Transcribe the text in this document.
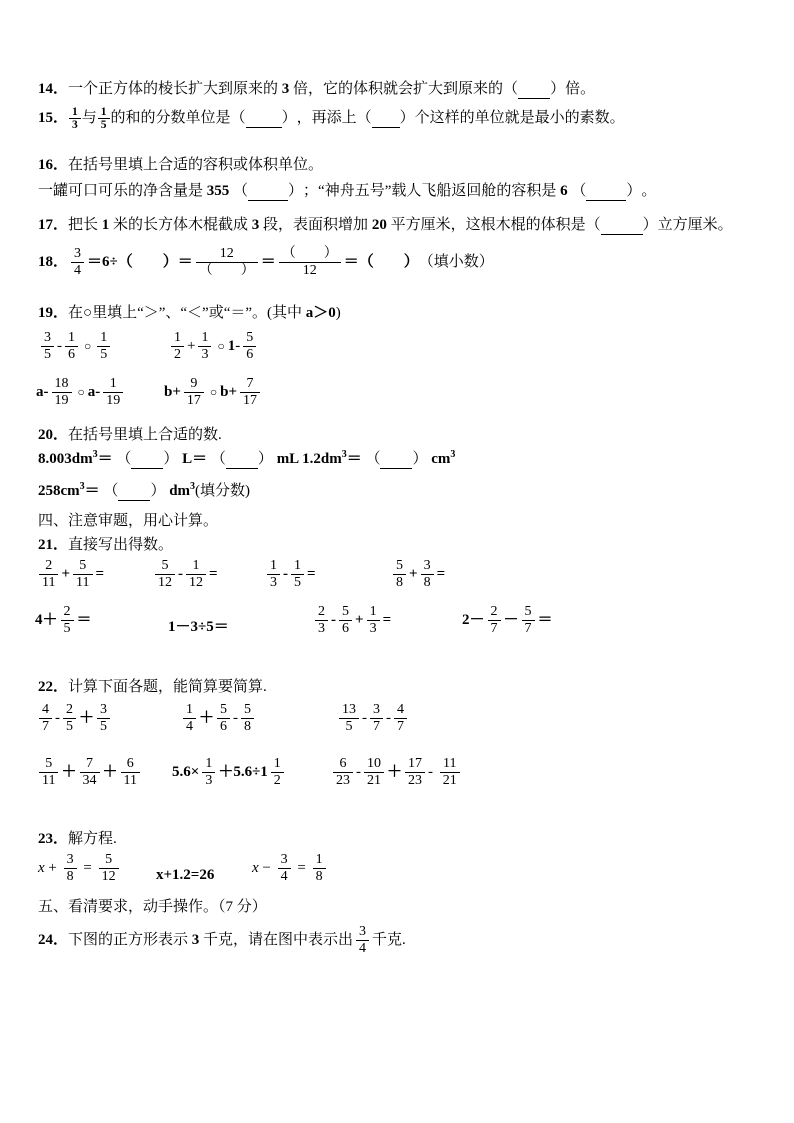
14． 一个正方体的棱长扩大到原来的 3 倍，它的体积就会扩大到原来的 （ ） 倍。
15． 1
3 与 1
5 的和的分数单位是 （ ） ，再添上 （ ） 个这样的单位就是最小的素数。
16． 在括号里填上合适的容积或体积单位。
一罐可口可乐的净含量是 355
（	） ；“神舟五号”载人飞船返回舱的容积是 6
（	） 。
17． 把长 1 米的长方体木棍截成 3 段，表面积增加 20 平方厘米，这根木棍的体积是 （	） 立方厘米。
18．
3
4
＝6÷（　　）＝
12
（　　）
＝
（　　）
12
＝（　　） （填小数）
19． 在○里填上“＞”、“＜”或“＝”。(其中 a＞0 )
3
5
-
1
6
○
1
5
1
2
+
1
3
○ 1 -
5
6
a-
18
19
○ a-
1
19
b+
9
17
○ b+
7
17
20． 在括号里填上合适的数.
8.003dm 3 ＝ （ ） L＝ （ ） mL 1.2dm 3 ＝ （ ） cm 3
258cm 3 ＝ （ ） dm 3 (填分数)
四、注意审题，用心计算。
21． 直接写出得数。
2
11
+
5
11
=
5
12
-
1
12
=
1
3
-
1
5
=
5
8
+
3
8
=
4＋
2
5
＝	1－3÷5＝
2
3
-
5
6
+
1
3
=	2－
2
7
－
5
7
＝
22． 计算下面各题，能简算要简算.
4
7
-
2
5
＋
3
5
1
4
＋
5
6
-
5
8
13
5
-
3
7
-
4
7
5
11
＋
7
34
＋
6
11
5.6×
1
3
＋5.6÷1
1
2
6
23
-
10
21
＋
17
23
-
11
21
23． 解方程.
x +
3
8
=
5
12	x+1.2=26	x −
3
4
=
1
8
五、看清要求，动手操作。（7 分）
24． 下图的正方形表示 3 千克，请在图中表示出
3
4
千克.
